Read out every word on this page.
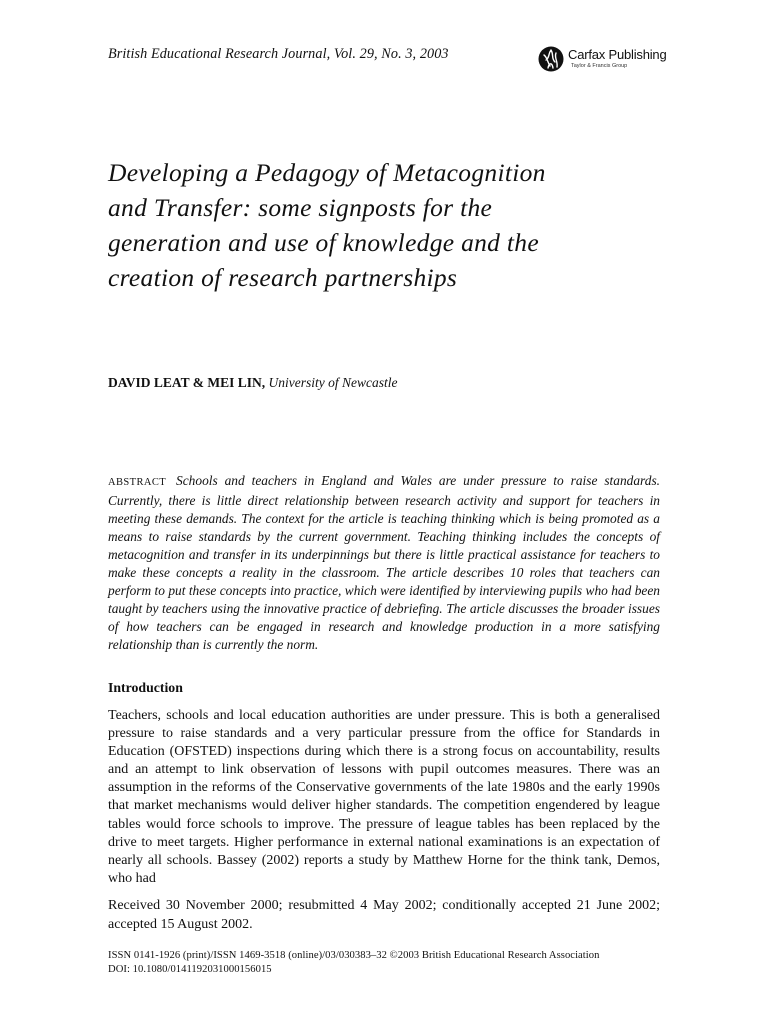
British Educational Research Journal, Vol. 29, No. 3, 2003	Carfax Publishing
Taylor & Francis Group
Developing a Pedagogy of Metacognition
and Transfer: some signposts for the
generation and use of knowledge and the
creation of research partnerships
DAVID LEAT & MEI LIN, University of Newcastle
ABSTRACT Schools and teachers in England and Wales are under pressure to raise standards. Currently, there is little direct relationship between research activity and support for teachers in meeting these demands. The context for the article is teaching thinking which is being promoted as a means to raise standards by the current government. Teaching thinking includes the concepts of metacognition and transfer in its underpinnings but there is little practical assistance for teachers to make these concepts a reality in the classroom. The article describes 10 roles that teachers can perform to put these concepts into practice, which were identified by interviewing pupils who had been taught by teachers using the innovative practice of debriefing. The article discusses the broader issues of how teachers can be engaged in research and knowledge production in a more satisfying relationship than is currently the norm.
Introduction

Teachers, schools and local education authorities are under pressure. This is both a generalised pressure to raise standards and a very particular pressure from the office for Standards in Education (OFSTED) inspections during which there is a strong focus on accountability, results and an attempt to link observation of lessons with pupil outcomes measures. There was an assumption in the reforms of the Conservative governments of the late 1980s and the early 1990s that market mechanisms would deliver higher standards. The competition engendered by league tables would force schools to improve. The pressure of league tables has been replaced by the drive to meet targets. Higher performance in external national examinations is an expectation of nearly all schools. Bassey (2002) reports a study by Matthew Horne for the think tank, Demos, who had

Received 30 November 2000; resubmitted 4 May 2002; conditionally accepted 21 June 2002; accepted 15 August 2002.

ISSN 0141-1926 (print)/ISSN 1469-3518 (online)/03/030383–32 ©2003 British Educational Research Association
DOI: 10.1080/0141192031000156015
